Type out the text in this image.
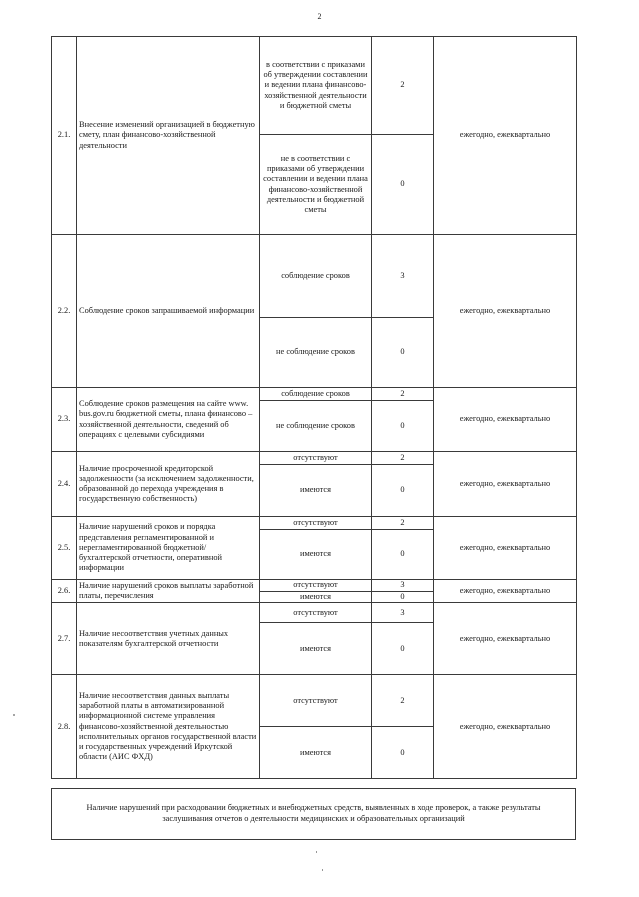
2
2.1.	Внесение изменений организацией в бюджетную смету, план финансово-хозяйственной деятельности	в соответствии с приказами об утверждении составлении и ведении плана финансово-хозяйственной деятельности и бюджетной сметы	2	ежегодно, ежеквартально
		не в соответствии с приказами об утверждении составлении и ведении плана финансово-хозяйственной деятельности и бюджетной сметы	0	
2.2.	Соблюдение сроков запрашиваемой информации	соблюдение сроков	3	ежегодно, ежеквартально
		не соблюдение сроков	0	
2.3.	Соблюдение сроков размещения на сайте www. bus.gov.ru бюджетной сметы, плана финансово – хозяйственной деятельности, сведений об операциях с целевыми субсидиями	соблюдение сроков	2	ежегодно, ежеквартально
		не соблюдение сроков	0	
2.4.	Наличие просроченной кредиторской задолженности (за исключением задолженности, образованной до перехода учреждения в государственную собственность)	отсутствуют	2	ежегодно, ежеквартально
		имеются	0	
2.5.	Наличие нарушений сроков и порядка представления регламентированной и нерегламентированной бюджетной/бухгалтерской отчетности, оперативной информации	отсутствуют	2	ежегодно, ежеквартально
		имеются	0	
2.6.	Наличие нарушений сроков выплаты заработной платы, перечисления	отсутствуют	3	ежегодно, ежеквартально
		имеются	0	
2.7.	Наличие несоответствия учетных данных показателям бухгалтерской отчетности	отсутствуют	3	ежегодно, ежеквартально
		имеются	0	
2.8.	Наличие несоответствия данных выплаты заработной платы в автоматизированной информационной системе управления финансово-хозяйственной деятельностью исполнительных органов государственной власти и государственных учреждений Иркутской области (АИС ФХД)	отсутствуют	2	ежегодно, ежеквартально
		имеются	0	
Наличие нарушений при расходовании бюджетных и внебюджетных средств, выявленных в ходе проверок, а также результаты заслушивания отчетов о деятельности медицинских и образовательных организаций
